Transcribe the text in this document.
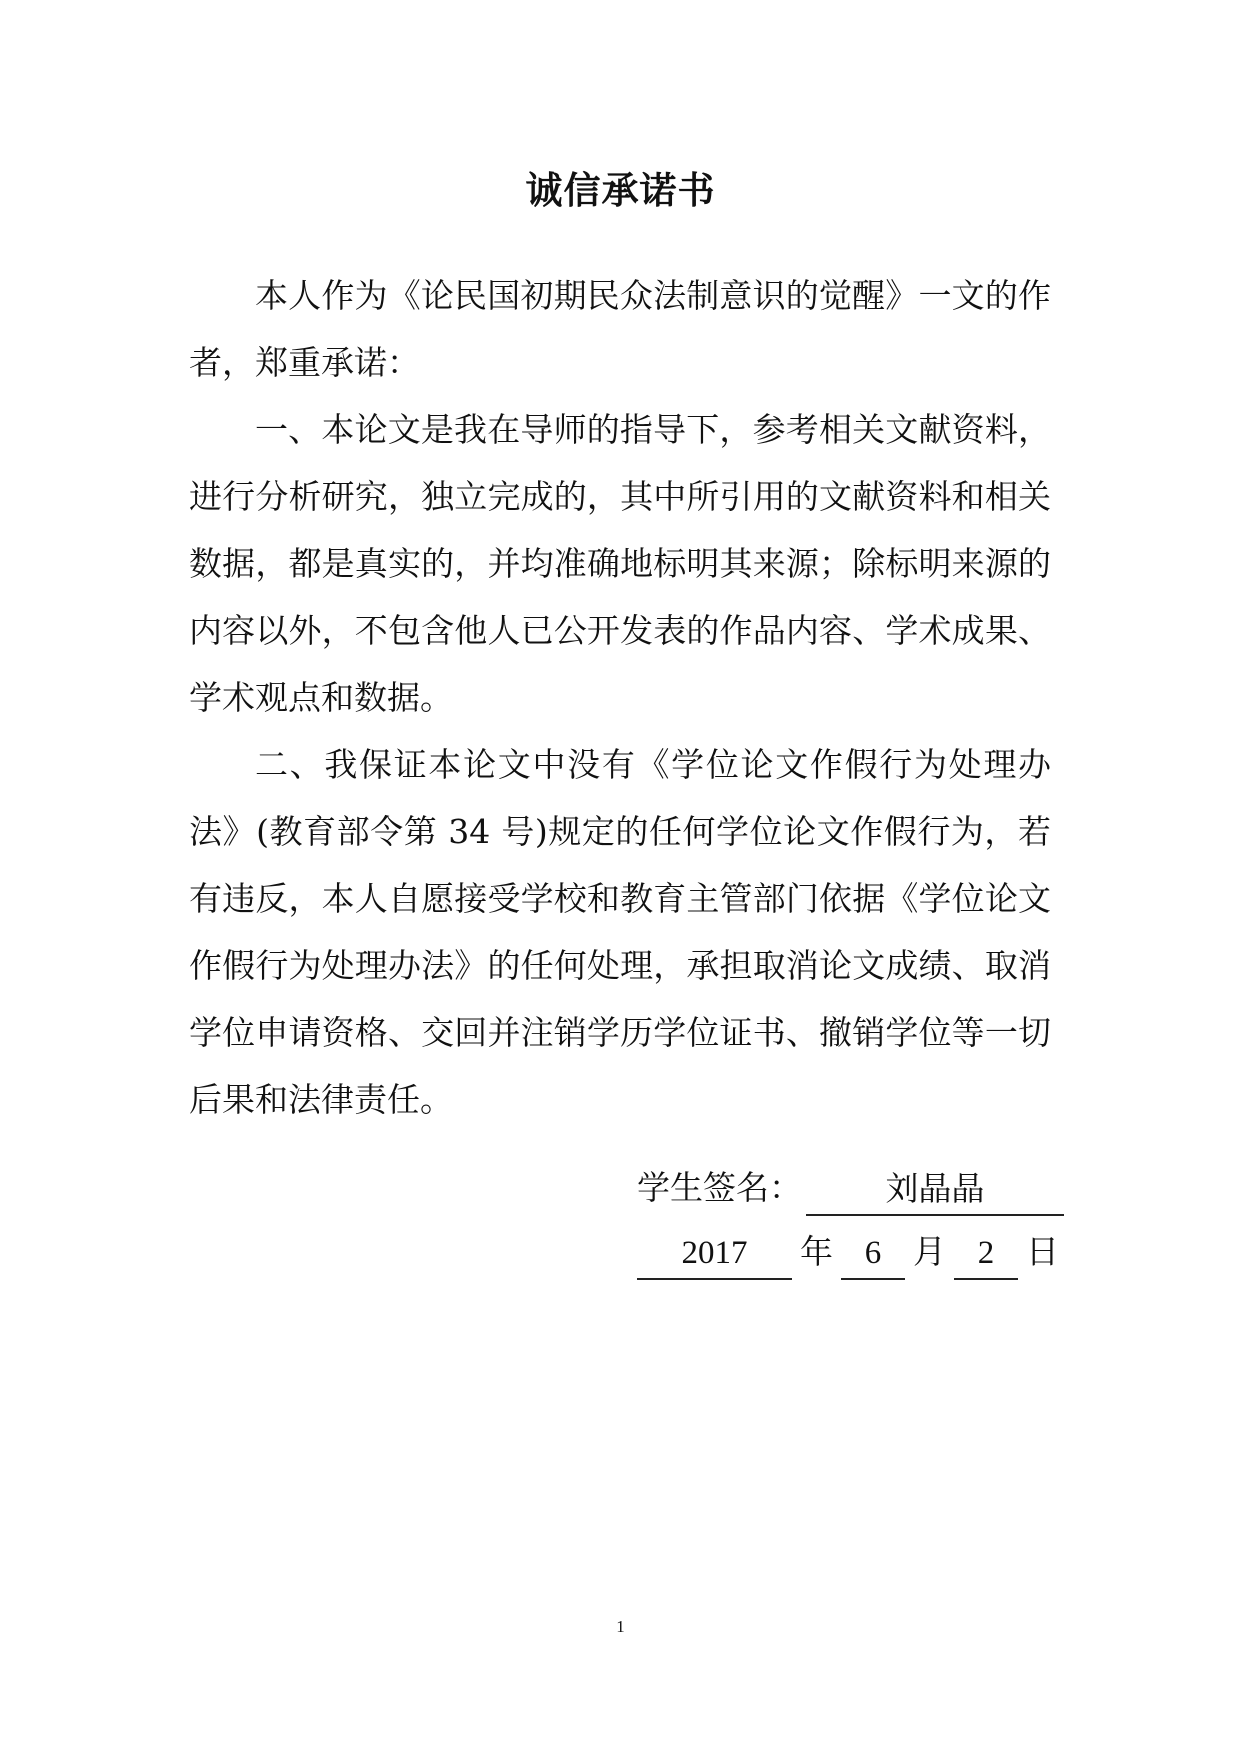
诚信承诺书

本人作为《论民国初期民众法制意识的觉醒》一文的作者，郑重承诺：

一、本论文是我在导师的指导下，参考相关文献资料，进行分析研究，独立完成的，其中所引用的文献资料和相关数据，都是真实的，并均准确地标明其来源；除标明来源的内容以外，不包含他人已公开发表的作品内容、学术成果、学术观点和数据。

二、我保证本论文中没有《学位论文作假行为处理办法》(教育部令第 34 号)规定的任何学位论文作假行为，若有违反，本人自愿接受学校和教育主管部门依据《学位论文作假行为处理办法》的任何处理，承担取消论文成绩、取消学位申请资格、交回并注销学历学位证书、撤销学位等一切后果和法律责任。

学生签名：	刘晶晶
2017	年 6 月 2 日
1
